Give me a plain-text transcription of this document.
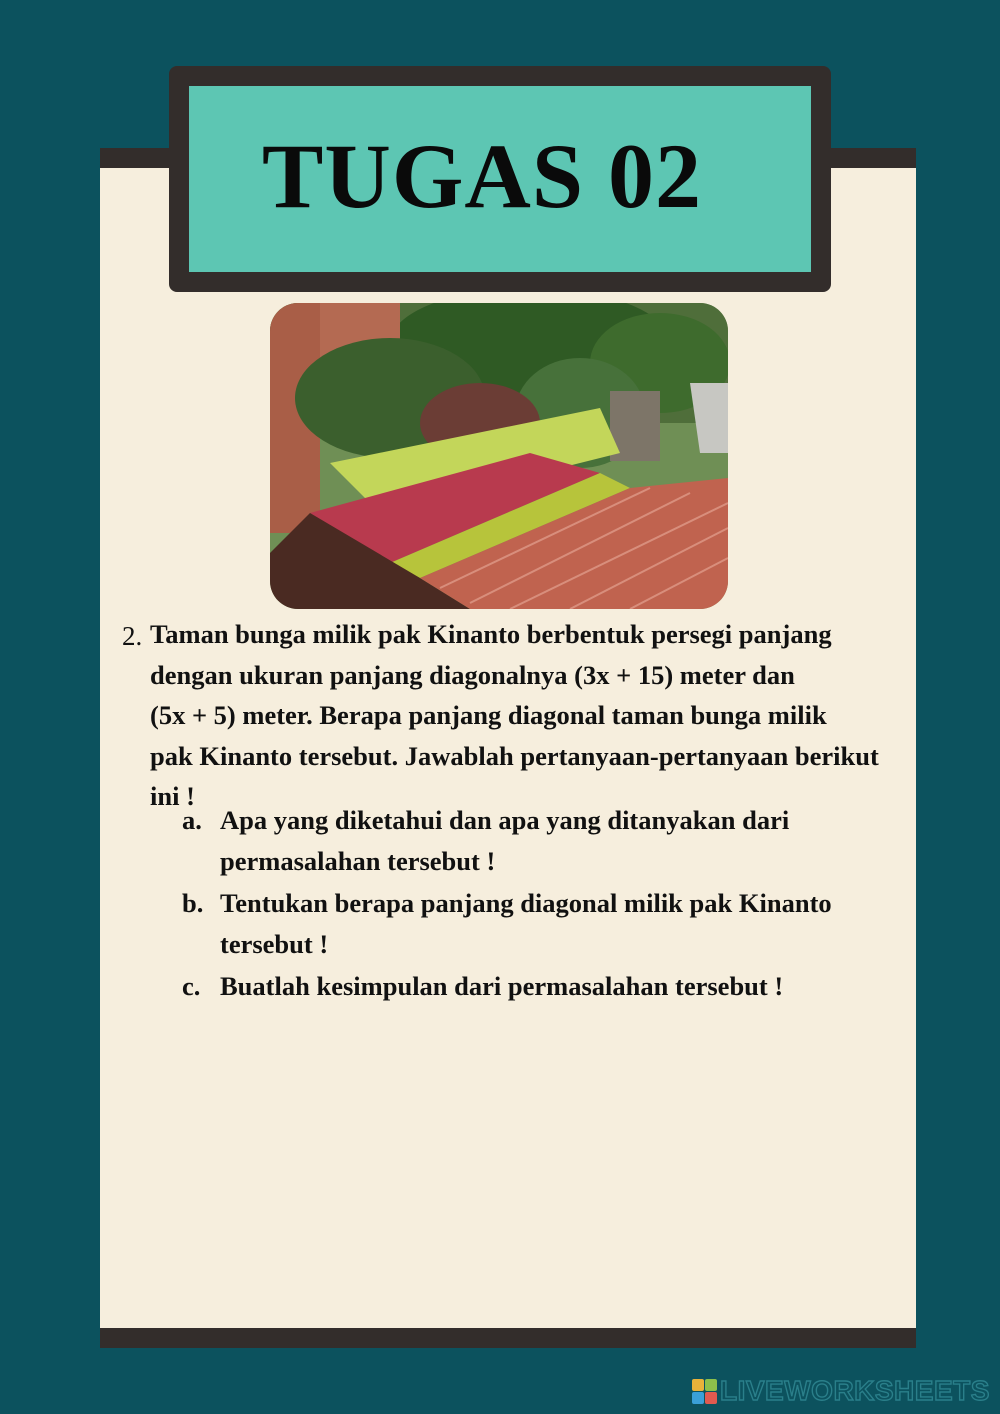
TUGAS 02
2. Taman bunga milik pak Kinanto berbentuk persegi panjang
dengan ukuran panjang diagonalnya (3x + 15) meter dan
(5x + 5) meter. Berapa panjang diagonal taman bunga milik
pak Kinanto tersebut. Jawablah pertanyaan-pertanyaan berikut
ini !
a. Apa yang diketahui dan apa yang ditanyakan dari
permasalahan tersebut !
b. Tentukan berapa panjang diagonal milik pak Kinanto
tersebut !
c. Buatlah kesimpulan dari permasalahan tersebut !
LIVEWORKSHEETS
